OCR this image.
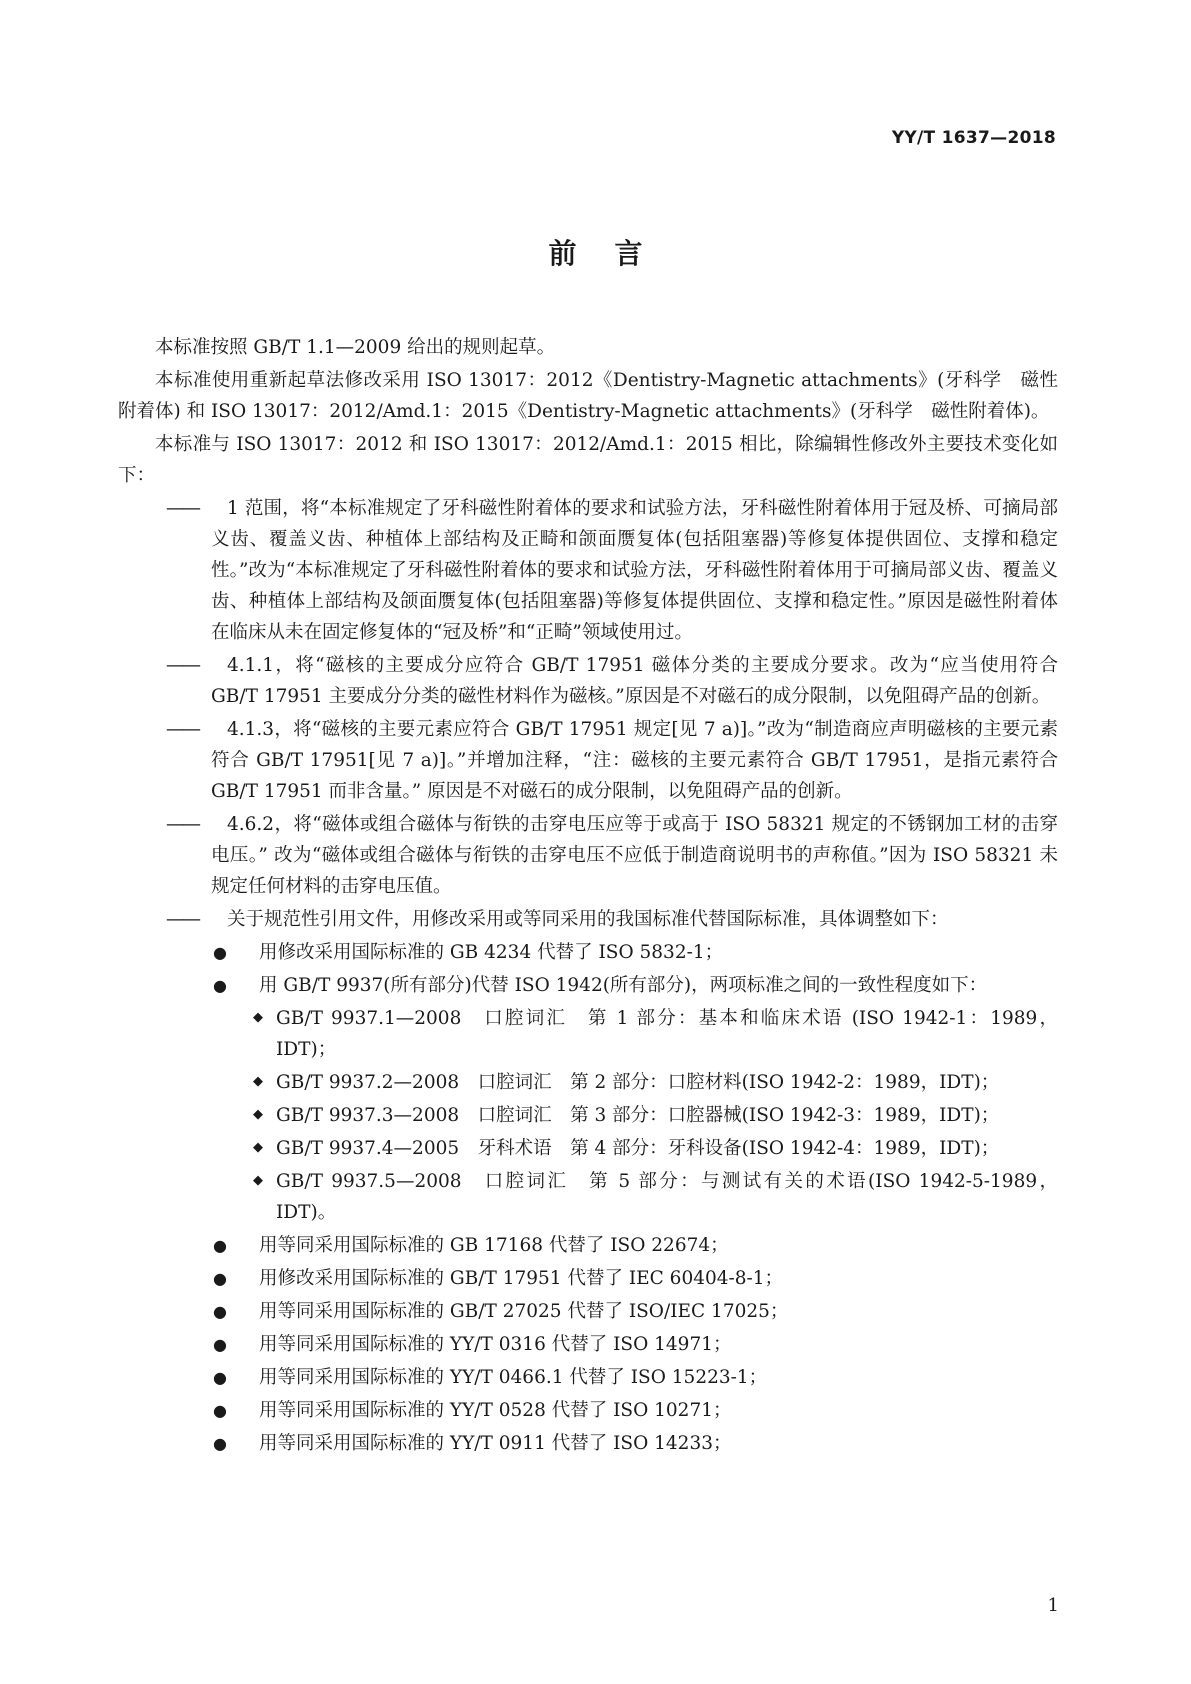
YY/T 1637—2018
前言

本标准按照 GB/T 1.1—2009 给出的规则起草。

本标准使用重新起草法修改采用 ISO 13017：2012《Dentistry-Magnetic attachments》(牙科学　磁性附着体) 和 ISO 13017：2012/Amd.1：2015《Dentistry-Magnetic attachments》(牙科学　磁性附着体)。

本标准与 ISO 13017：2012 和 ISO 13017：2012/Amd.1：2015 相比，除编辑性修改外主要技术变化如下：

—— 1 范围，将“本标准规定了牙科磁性附着体的要求和试验方法，牙科磁性附着体用于冠及桥、可摘局部义齿、覆盖义齿、种植体上部结构及正畸和颌面赝复体(包括阻塞器)等修复体提供固位、支撑和稳定性。”改为“本标准规定了牙科磁性附着体的要求和试验方法，牙科磁性附着体用于可摘局部义齿、覆盖义齿、种植体上部结构及颌面赝复体(包括阻塞器)等修复体提供固位、支撑和稳定性。”原因是磁性附着体在临床从未在固定修复体的“冠及桥”和“正畸”领域使用过。

—— 4.1.1，将“磁核的主要成分应符合 GB/T 17951 磁体分类的主要成分要求。改为“应当使用符合 GB/T 17951 主要成分分类的磁性材料作为磁核。”原因是不对磁石的成分限制，以免阻碍产品的创新。

—— 4.1.3，将“磁核的主要元素应符合 GB/T 17951 规定[见 7 a)]。”改为“制造商应声明磁核的主要元素符合 GB/T 17951[见 7 a)]。”并增加注释，“注：磁核的主要元素符合 GB/T 17951，是指元素符合 GB/T 17951 而非含量。” 原因是不对磁石的成分限制，以免阻碍产品的创新。

—— 4.6.2，将“磁体或组合磁体与衔铁的击穿电压应等于或高于 ISO 58321 规定的不锈钢加工材的击穿电压。” 改为“磁体或组合磁体与衔铁的击穿电压不应低于制造商说明书的声称值。”因为 ISO 58321 未规定任何材料的击穿电压值。

—— 关于规范性引用文件，用修改采用或等同采用的我国标准代替国际标准，具体调整如下：

● 用修改采用国际标准的 GB 4234 代替了 ISO 5832-1；
● 用 GB/T 9937(所有部分)代替 ISO 1942(所有部分)，两项标准之间的一致性程度如下：
◆ GB/T 9937.1—2008　口腔词汇　第 1 部分：基本和临床术语 (ISO 1942-1：1989，IDT)；
◆ GB/T 9937.2—2008　口腔词汇　第 2 部分：口腔材料(ISO 1942-2：1989，IDT)；
◆ GB/T 9937.3—2008　口腔词汇　第 3 部分：口腔器械(ISO 1942-3：1989，IDT)；
◆ GB/T 9937.4—2005　牙科术语　第 4 部分：牙科设备(ISO 1942-4：1989，IDT)；
◆ GB/T 9937.5—2008　口腔词汇　第 5 部分：与测试有关的术语(ISO 1942-5-1989，IDT)。
● 用等同采用国际标准的 GB 17168 代替了 ISO 22674；
● 用修改采用国际标准的 GB/T 17951 代替了 IEC 60404-8-1；
● 用等同采用国际标准的 GB/T 27025 代替了 ISO/IEC 17025；
● 用等同采用国际标准的 YY/T 0316 代替了 ISO 14971；
● 用等同采用国际标准的 YY/T 0466.1 代替了 ISO 15223-1；
● 用等同采用国际标准的 YY/T 0528 代替了 ISO 10271；
● 用等同采用国际标准的 YY/T 0911 代替了 ISO 14233；
1
